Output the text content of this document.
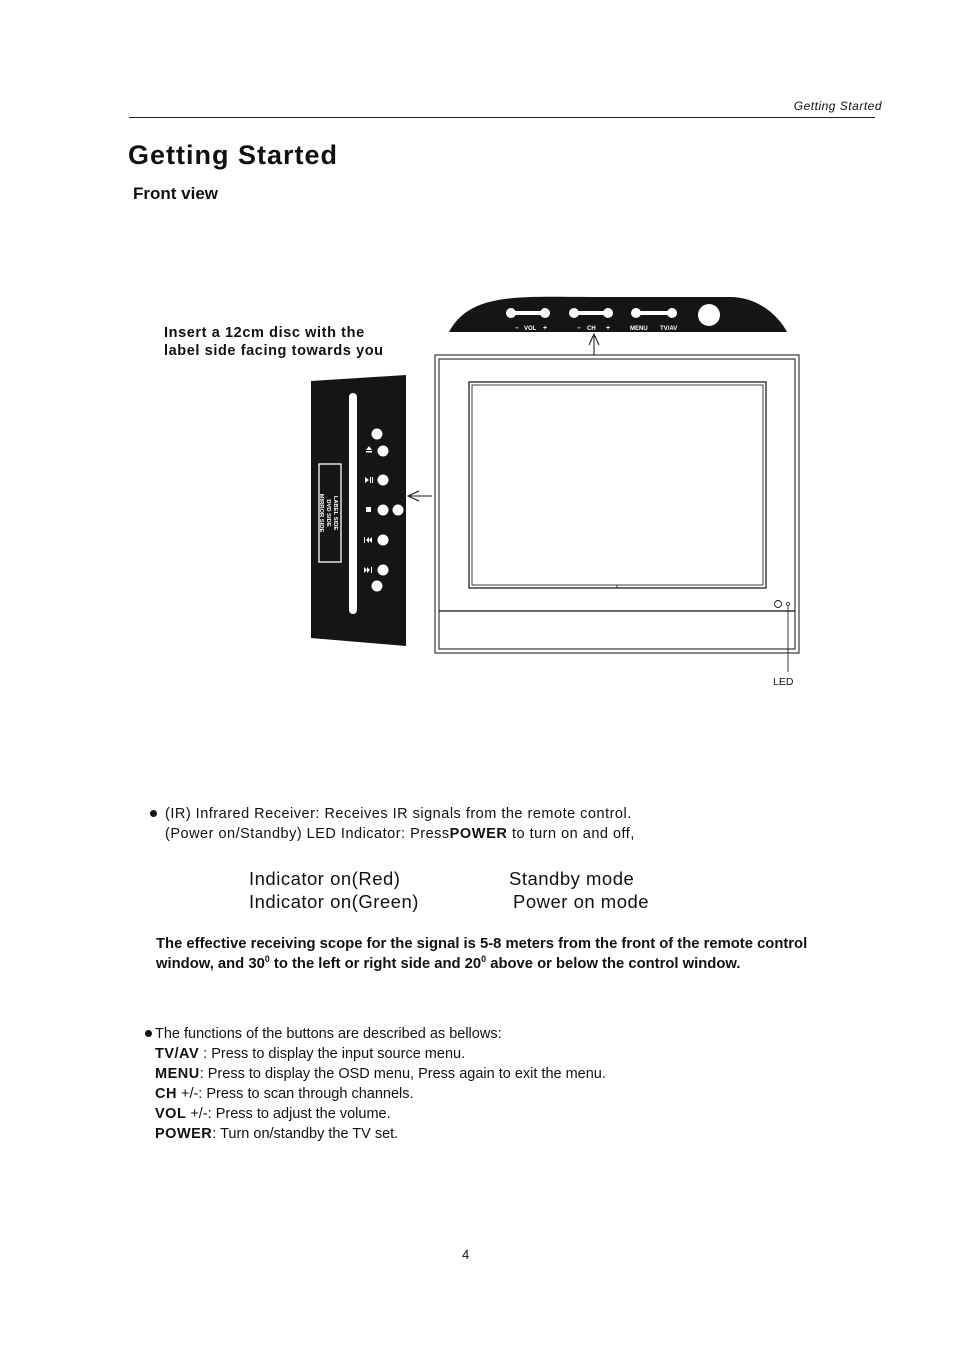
Getting Started
Getting Started
Front view
Insert a 12cm disc with the
label side facing towards you
− VOL +	− CH +	MENU TV/AV
LED
LABEL SIDE
DVD SIDE
MIRROR SIDE
(IR) Infrared Receiver: Receives IR signals from the remote control.
(Power on/Standby) LED Indicator: PressPOWER to turn on and off,
Indicator on(Red)	Standby mode
Indicator on(Green)	Power on mode
The effective receiving scope for the signal is 5-8 meters from the front of the remote control window, and $30^0$ to the left or right side and $20^0$ above or below the control window.
The functions of the buttons are described as bellows:
TV/AV : Press to display the input source menu.
MENU: Press to display the OSD menu, Press again to exit the menu.
CH +/-: Press to scan through channels.
VOL +/-: Press to adjust the volume.
POWER: Turn on/standby the TV set.
4
